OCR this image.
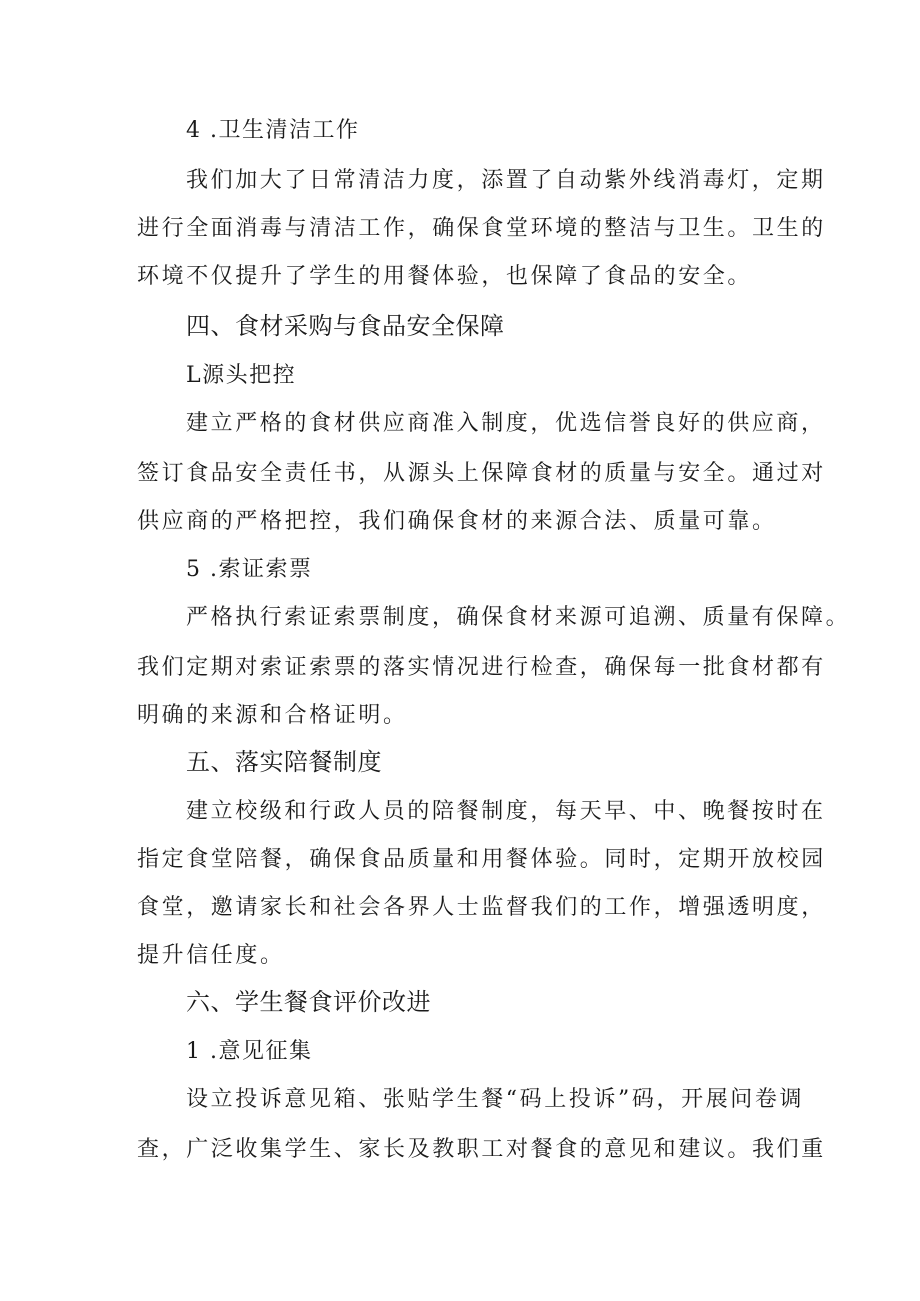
4 .卫生清洁工作
我们加大了日常清洁力度，添置了自动紫外线消毒灯，定期
进行全面消毒与清洁工作，确保食堂环境的整洁与卫生。卫生的
环境不仅提升了学生的用餐体验，也保障了食品的安全。
四、食材采购与食品安全保障
L源头把控
建立严格的食材供应商准入制度，优选信誉良好的供应商，
签订食品安全责任书，从源头上保障食材的质量与安全。通过对
供应商的严格把控，我们确保食材的来源合法、质量可靠。
5 .索证索票
严格执行索证索票制度，确保食材来源可追溯、质量有保障。
我们定期对索证索票的落实情况进行检查，确保每一批食材都有
明确的来源和合格证明。
五、落实陪餐制度
建立校级和行政人员的陪餐制度，每天早、中、晚餐按时在
指定食堂陪餐，确保食品质量和用餐体验。同时，定期开放校园
食堂，邀请家长和社会各界人士监督我们的工作，增强透明度，
提升信任度。
六、学生餐食评价改进
1 .意见征集
设立投诉意见箱、张贴学生餐“码上投诉”码，开展问卷调
查，广泛收集学生、家长及教职工对餐食的意见和建议。我们重
